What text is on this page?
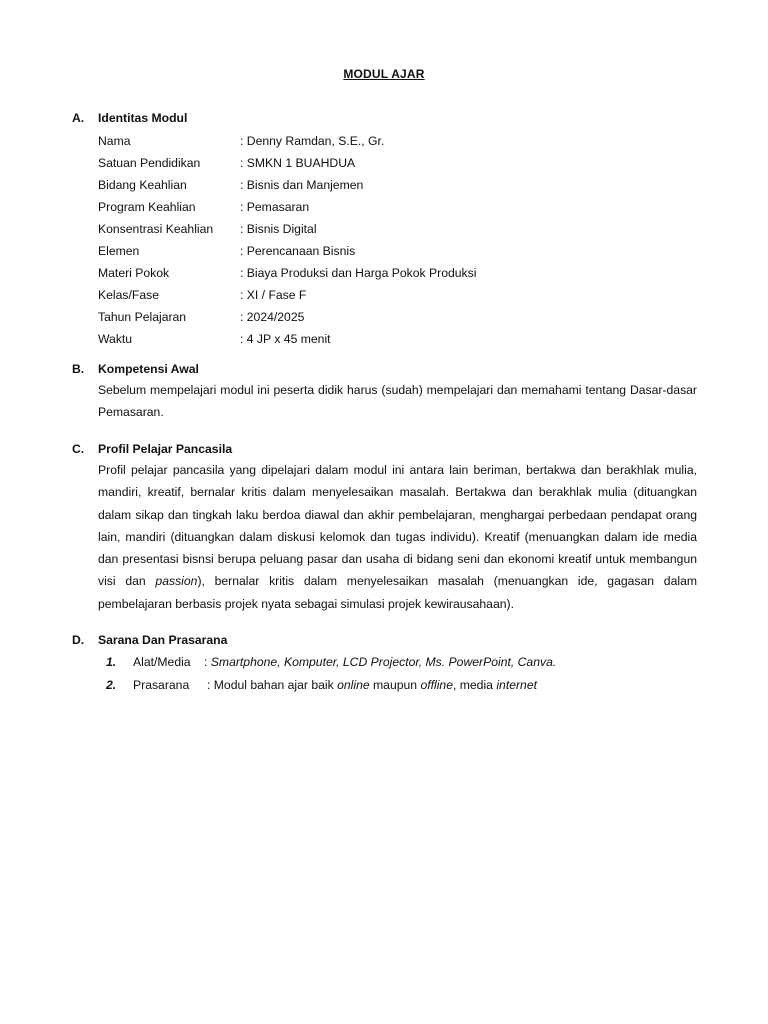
MODUL AJAR
A. Identitas Modul
Nama	: Denny Ramdan, S.E., Gr.
Satuan Pendidikan	: SMKN 1 BUAHDUA
Bidang Keahlian	: Bisnis dan Manjemen
Program Keahlian	: Pemasaran
Konsentrasi Keahlian : Bisnis Digital
Elemen	: Perencanaan Bisnis
Materi Pokok	: Biaya Produksi dan Harga Pokok Produksi
Kelas/Fase	: XI / Fase F
Tahun Pelajaran	: 2024/2025
Waktu	: 4 JP x 45 menit
B. Kompetensi Awal

Sebelum mempelajari modul ini peserta didik harus (sudah) mempelajari dan memahami tentang Dasar-dasar Pemasaran.

C. Profil Pelajar Pancasila

Profil pelajar pancasila yang dipelajari dalam modul ini antara lain beriman, bertakwa dan berakhlak mulia, mandiri, kreatif, bernalar kritis dalam menyelesaikan masalah. Bertakwa dan berakhlak mulia (dituangkan dalam sikap dan tingkah laku berdoa diawal dan akhir pembelajaran, menghargai perbedaan pendapat orang lain, mandiri (dituangkan dalam diskusi kelomok dan tugas individu). Kreatif (menuangkan dalam ide media dan presentasi bisnsi berupa peluang pasar dan usaha di bidang seni dan ekonomi kreatif untuk membangun visi dan passion), bernalar kritis dalam menyelesaikan masalah (menuangkan ide, gagasan dalam pembelajaran berbasis projek nyata sebagai simulasi projek kewirausahaan).

D. Sarana Dan Prasarana
1. Alat/Media : Smartphone, Komputer, LCD Projector, Ms. PowerPoint, Canva.
2. Prasarana : Modul bahan ajar baik online maupun offline, media internet
